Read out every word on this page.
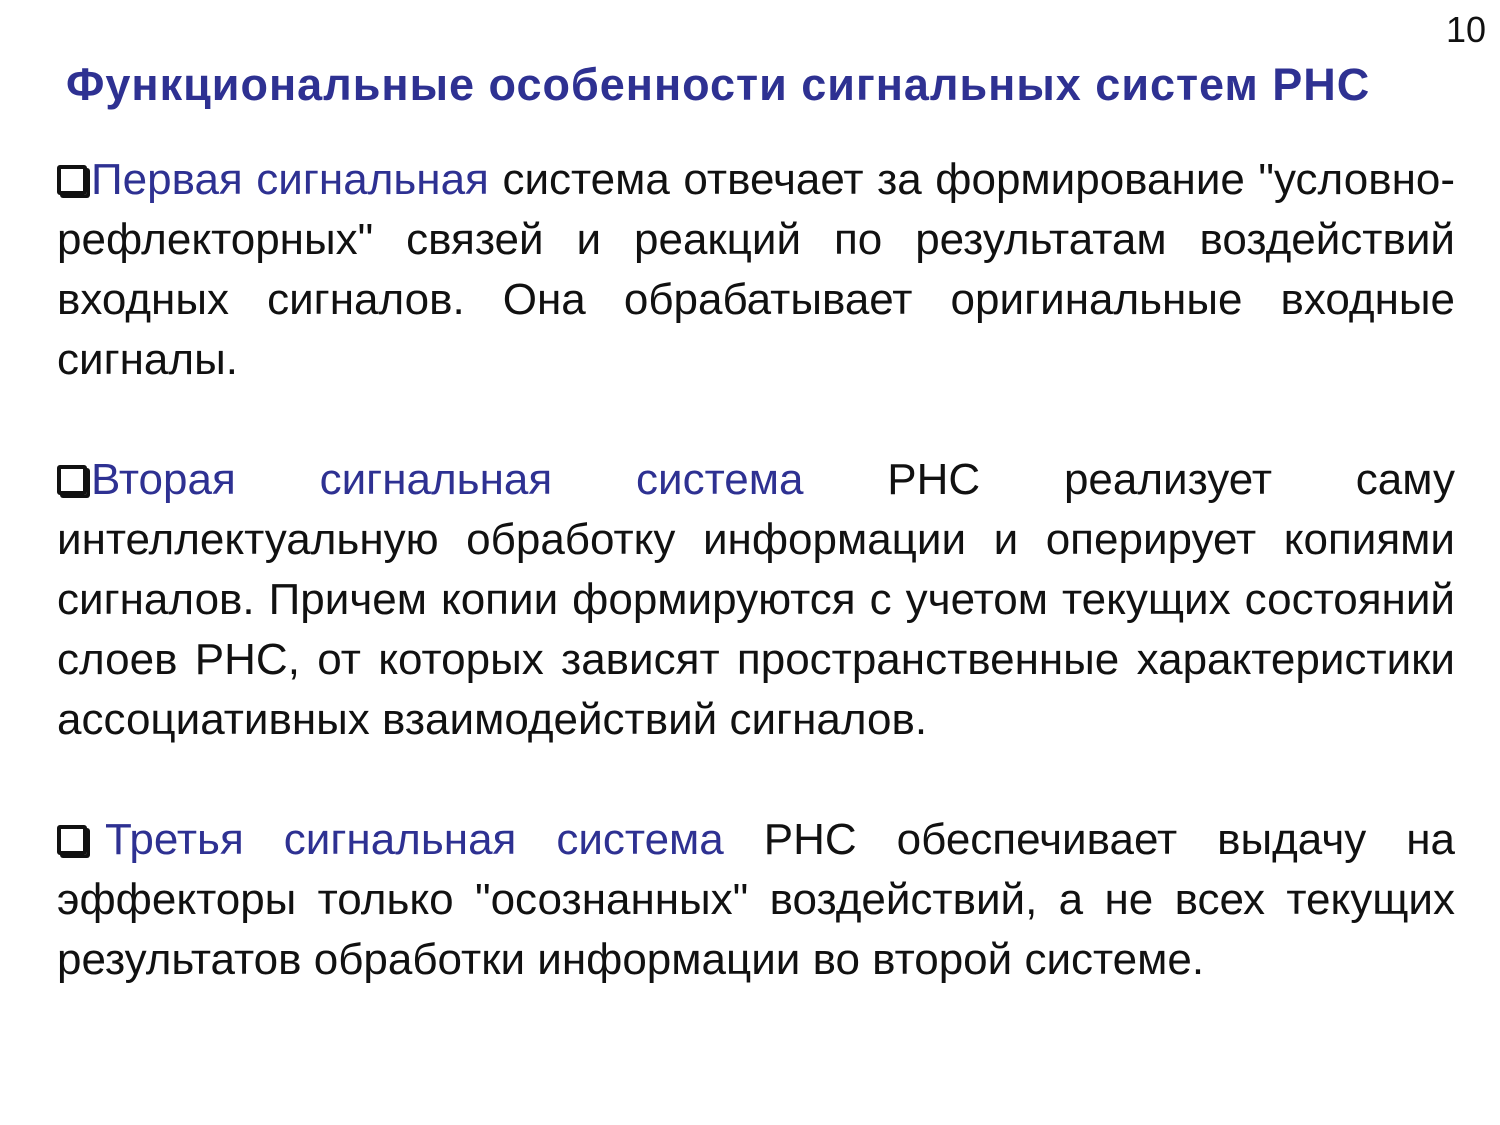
10
Функциональные особенности сигнальных систем РНС

Первая сигнальная система отвечает за формирование "условно-рефлекторных" связей и реакций по результатам воздействий входных сигналов. Она обрабатывает оригинальные входные сигналы.

Вторая сигнальная система РНС реализует саму интеллектуальную обработку информации и оперирует копиями сигналов. Причем копии формируются с учетом текущих состояний слоев РНС, от которых зависят пространственные характеристики ассоциативных взаимодействий сигналов.

Третья сигнальная система РНС обеспечивает выдачу на эффекторы только "осознанных" воздействий, а не всех текущих результатов обработки информации во второй системе.
